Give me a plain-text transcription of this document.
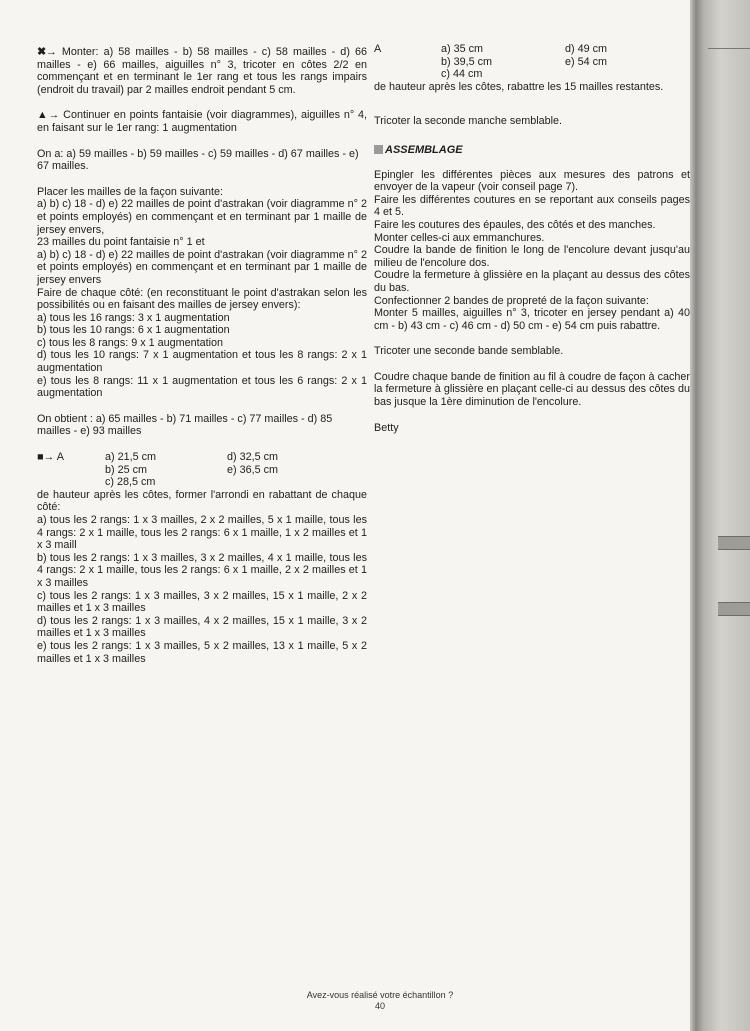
✖→ Monter: a) 58 mailles - b) 58 mailles - c) 58 mailles - d) 66 mailles - e) 66 mailles, aiguilles n° 3, tricoter en côtes 2/2 en commençant et en terminant le 1er rang et tous les rangs impairs (endroit du travail) par 2 mailles endroit pendant 5 cm.

▲→ Continuer en points fantaisie (voir diagrammes), aiguilles n° 4, en faisant sur le 1er rang: 1 augmentation

On a: a) 59 mailles - b) 59 mailles - c) 59 mailles - d) 67 mailles - e) 67 mailles.

Placer les mailles de la façon suivante:
a) b) c) 18 - d) e) 22 mailles de point d'astrakan (voir diagramme n° 2 et points employés) en commençant et en terminant par 1 maille de jersey envers,
23 mailles du point fantaisie n° 1 et
a) b) c) 18 - d) e) 22 mailles de point d'astrakan (voir diagramme n° 2 et points employés) en commençant et en terminant par 1 maille de jersey envers
Faire de chaque côté: (en reconstituant le point d'astrakan selon les possibilités ou en faisant des mailles de jersey envers):
a) tous les 16 rangs: 3 x 1 augmentation
b) tous les 10 rangs: 6 x 1 augmentation
c) tous les 8 rangs: 9 x 1 augmentation
d) tous les 10 rangs: 7 x 1 augmentation et tous les 8 rangs: 2 x 1 augmentation
e) tous les 8 rangs: 11 x 1 augmentation et tous les 6 rangs: 2 x 1 augmentation

On obtient : a) 65 mailles - b) 71 mailles - c) 77 mailles - d) 85 mailles - e) 93 mailles

■→ A	a) 21,5 cm	d) 32,5 cm
b) 25 cm	e) 36,5 cm
c) 28,5 cm
de hauteur après les côtes, former l'arrondi en rabattant de chaque côté:
a) tous les 2 rangs: 1 x 3 mailles, 2 x 2 mailles, 5 x 1 maille, tous les 4 rangs: 2 x 1 maille, tous les 2 rangs: 6 x 1 maille, 1 x 2 mailles et 1 x 3 maill
b) tous les 2 rangs: 1 x 3 mailles, 3 x 2 mailles, 4 x 1 maille, tous les 4 rangs: 2 x 1 maille, tous les 2 rangs: 6 x 1 maille, 2 x 2 mailles et 1 x 3 mailles
c) tous les 2 rangs: 1 x 3 mailles, 3 x 2 mailles, 15 x 1 maille, 2 x 2 mailles et 1 x 3 mailles
d) tous les 2 rangs: 1 x 3 mailles, 4 x 2 mailles, 15 x 1 maille, 3 x 2 mailles et 1 x 3 mailles
e) tous les 2 rangs: 1 x 3 mailles, 5 x 2 mailles, 13 x 1 maille, 5 x 2 mailles et 1 x 3 mailles
A	a) 35 cm	d) 49 cm
b) 39,5 cm	e) 54 cm
c) 44 cm

de hauteur après les côtes, rabattre les 15 mailles restantes.

Tricoter la seconde manche semblable.

ASSEMBLAGE

Epingler les différentes pièces aux mesures des patrons et envoyer de la vapeur (voir conseil page 7).
Faire les différentes coutures en se reportant aux conseils pages 4 et 5.
Faire les coutures des épaules, des côtés et des manches.
Monter celles-ci aux emmanchures.
Coudre la bande de finition le long de l'encolure devant jusqu'au milieu de l'encolure dos.
Coudre la fermeture à glissière en la plaçant au dessus des côtes du bas.
Confectionner 2 bandes de propreté de la façon suivante:
Monter 5 mailles, aiguilles n° 3, tricoter en jersey pendant a) 40 cm - b) 43 cm - c) 46 cm - d) 50 cm - e) 54 cm puis rabattre.

Tricoter une seconde bande semblable.

Coudre chaque bande de finition au fil à coudre de façon à cacher la fermeture à glissière en plaçant celle-ci au dessus des côtes du bas jusque la 1ère diminution de l'encolure.

Betty

Avez-vous réalisé votre échantillon ?
40
